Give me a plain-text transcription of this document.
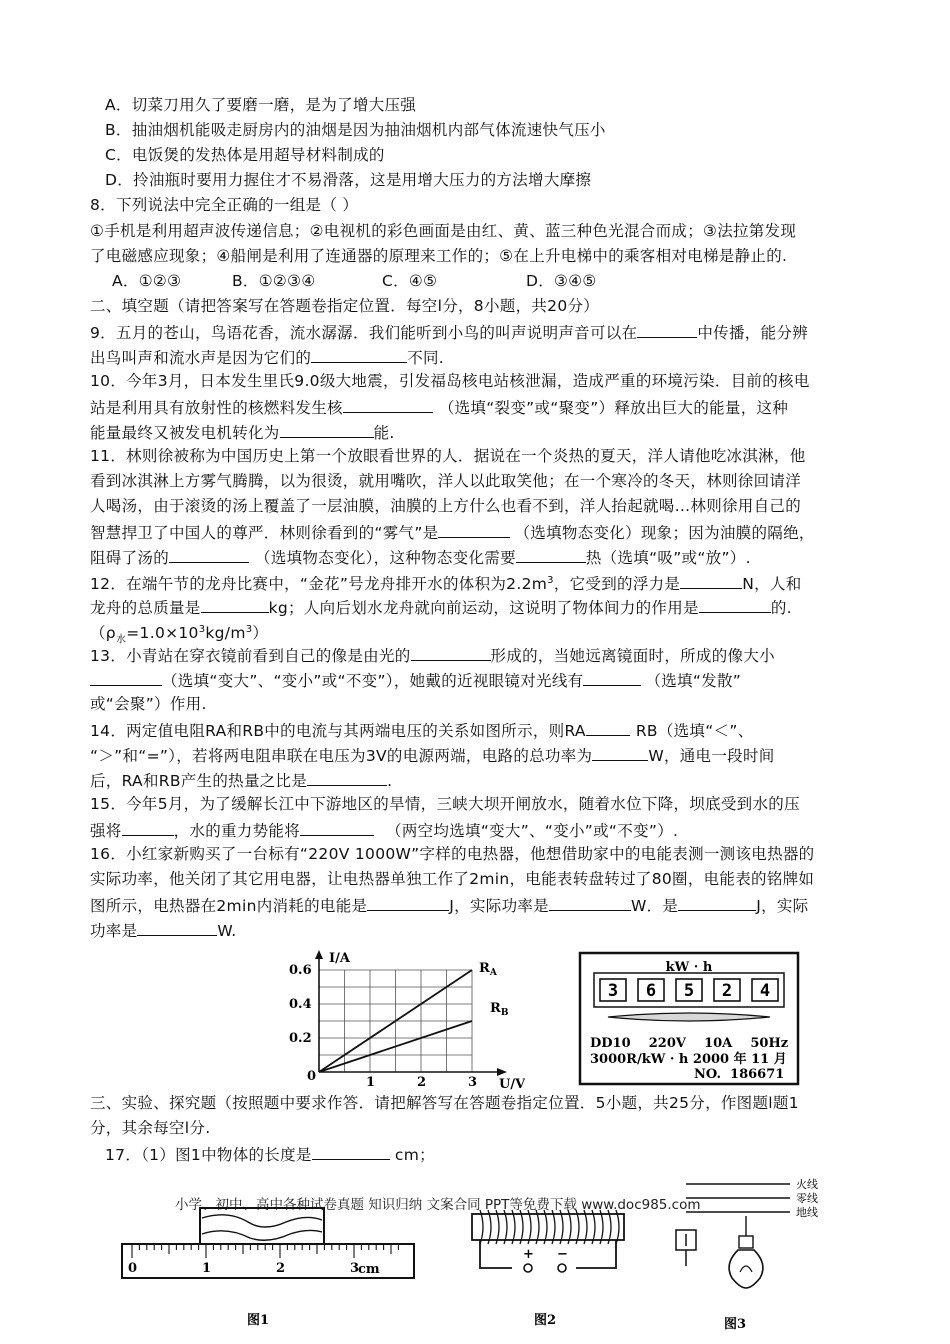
A．切菜刀用久了要磨一磨，是为了增大压强
B．抽油烟机能吸走厨房内的油烟是因为抽油烟机内部气体流速快气压小
C．电饭煲的发热体是用超导材料制成的
D．拎油瓶时要用力握住才不易滑落，这是用增大压力的方法增大摩擦
8．下列说法中完全正确的一组是（ ）
①手机是利用超声波传递信息；②电视机的彩色画面是由红、黄、蓝三种色光混合而成；③法拉第发现
了电磁感应现象；④船闸是利用了连通器的原理来工作的；⑤在上升电梯中的乘客相对电梯是静止的.
A．①②③	B．①②③④	C．④⑤	D．③④⑤
二、填空题（请把答案写在答题卷指定位置．每空l分，8小题，共20分）
9．五月的苍山，鸟语花香，流水潺潺．我们能听到小鸟的叫声说明声音可以在	中传播，能分辨
出鸟叫声和流水声是因为它们的	不同.
10．今年3月，日本发生里氏9.0级大地震，引发福岛核电站核泄漏，造成严重的环境污染．目前的核电
站是利用具有放射性的核燃料发生核	（选填“裂变”或“聚变”）释放出巨大的能量，这种
能量最终又被发电机转化为	能.
11．林则徐被称为中国历史上第一个放眼看世界的人．据说在一个炎热的夏天，洋人请他吃冰淇淋，他
看到冰淇淋上方雾气腾腾，以为很烫，就用嘴吹，洋人以此取笑他；在一个寒冷的冬天，林则徐回请洋
人喝汤，由于滚烫的汤上覆盖了一层油膜，油膜的上方什么也看不到，洋人抬起就喝…林则徐用自己的
智慧捍卫了中国人的尊严．林则徐看到的“雾气”是	（选填物态变化）现象；因为油膜的隔绝，
阻碍了汤的	（选填物态变化），这种物态变化需要	热（选填“吸”或“放”）.
12．在端午节的龙舟比赛中，“金花”号龙舟排开水的体积为$2.2m^3$，它受到的浮力是	N，人和
龙舟的总质量是	kg；人向后划水龙舟就向前运动，这说明了物体间力的作用是	的.
$(\rho_水=1.0\times 10^3kg/m^3)$
13．小青站在穿衣镜前看到自己的像是由光的	形成的，当她远离镜面时，所成的像大小
（选填“变大”、“变小”或“不变”），她戴的近视眼镜对光线有	（选填“发散”
或“会聚”）作用.
14．两定值电阻RA和RB中的电流与其两端电压的关系如图所示，则RA	RB（选填“＜”、
“＞”和“=”），若将两电阻串联在电压为3V的电源两端，电路的总功率为	W，通电一段时间
后，RA和RB产生的热量之比是	.
15．今年5月，为了缓解长江中下游地区的旱情，三峡大坝开闸放水，随着水位下降，坝底受到水的压
强将	，水的重力势能将	（两空均选填“变大”、“变小”或“不变”）.
16．小红家新购买了一台标有“220V 1000W”字样的电热器，他想借助家中的电能表测一测该电热器的
实际功率，他关闭了其它用电器，让电热器单独工作了2min，电能表转盘转过了80圈，电能表的铭牌如
图所示，电热器在2min内消耗的电能是	J，实际功率是	W．是	J，实际
功率是	W.
I/A
U/V
0
0.2
0.4
0.6
1	2	3
$R_A$
$R_B$
kW · h
3 6 5 2 4
DD10    220V    10A    50Hz
3000R/kW · h 2000 年 11 月
NO.  186671
三、实验、探究题（按照题中要求作答．请把解答写在答题卷指定位置．5小题，共25分，作图题l题1
分，其余每空l分.
17．（1）图1中物体的长度是	cm；
小学、初中、高中各种试卷真题 知识归纳 文案合同 PPT等免费下载 www.doc985.com
0	1	2	3
cm
图1
+ −
图2
火线
零线
地线
图3
